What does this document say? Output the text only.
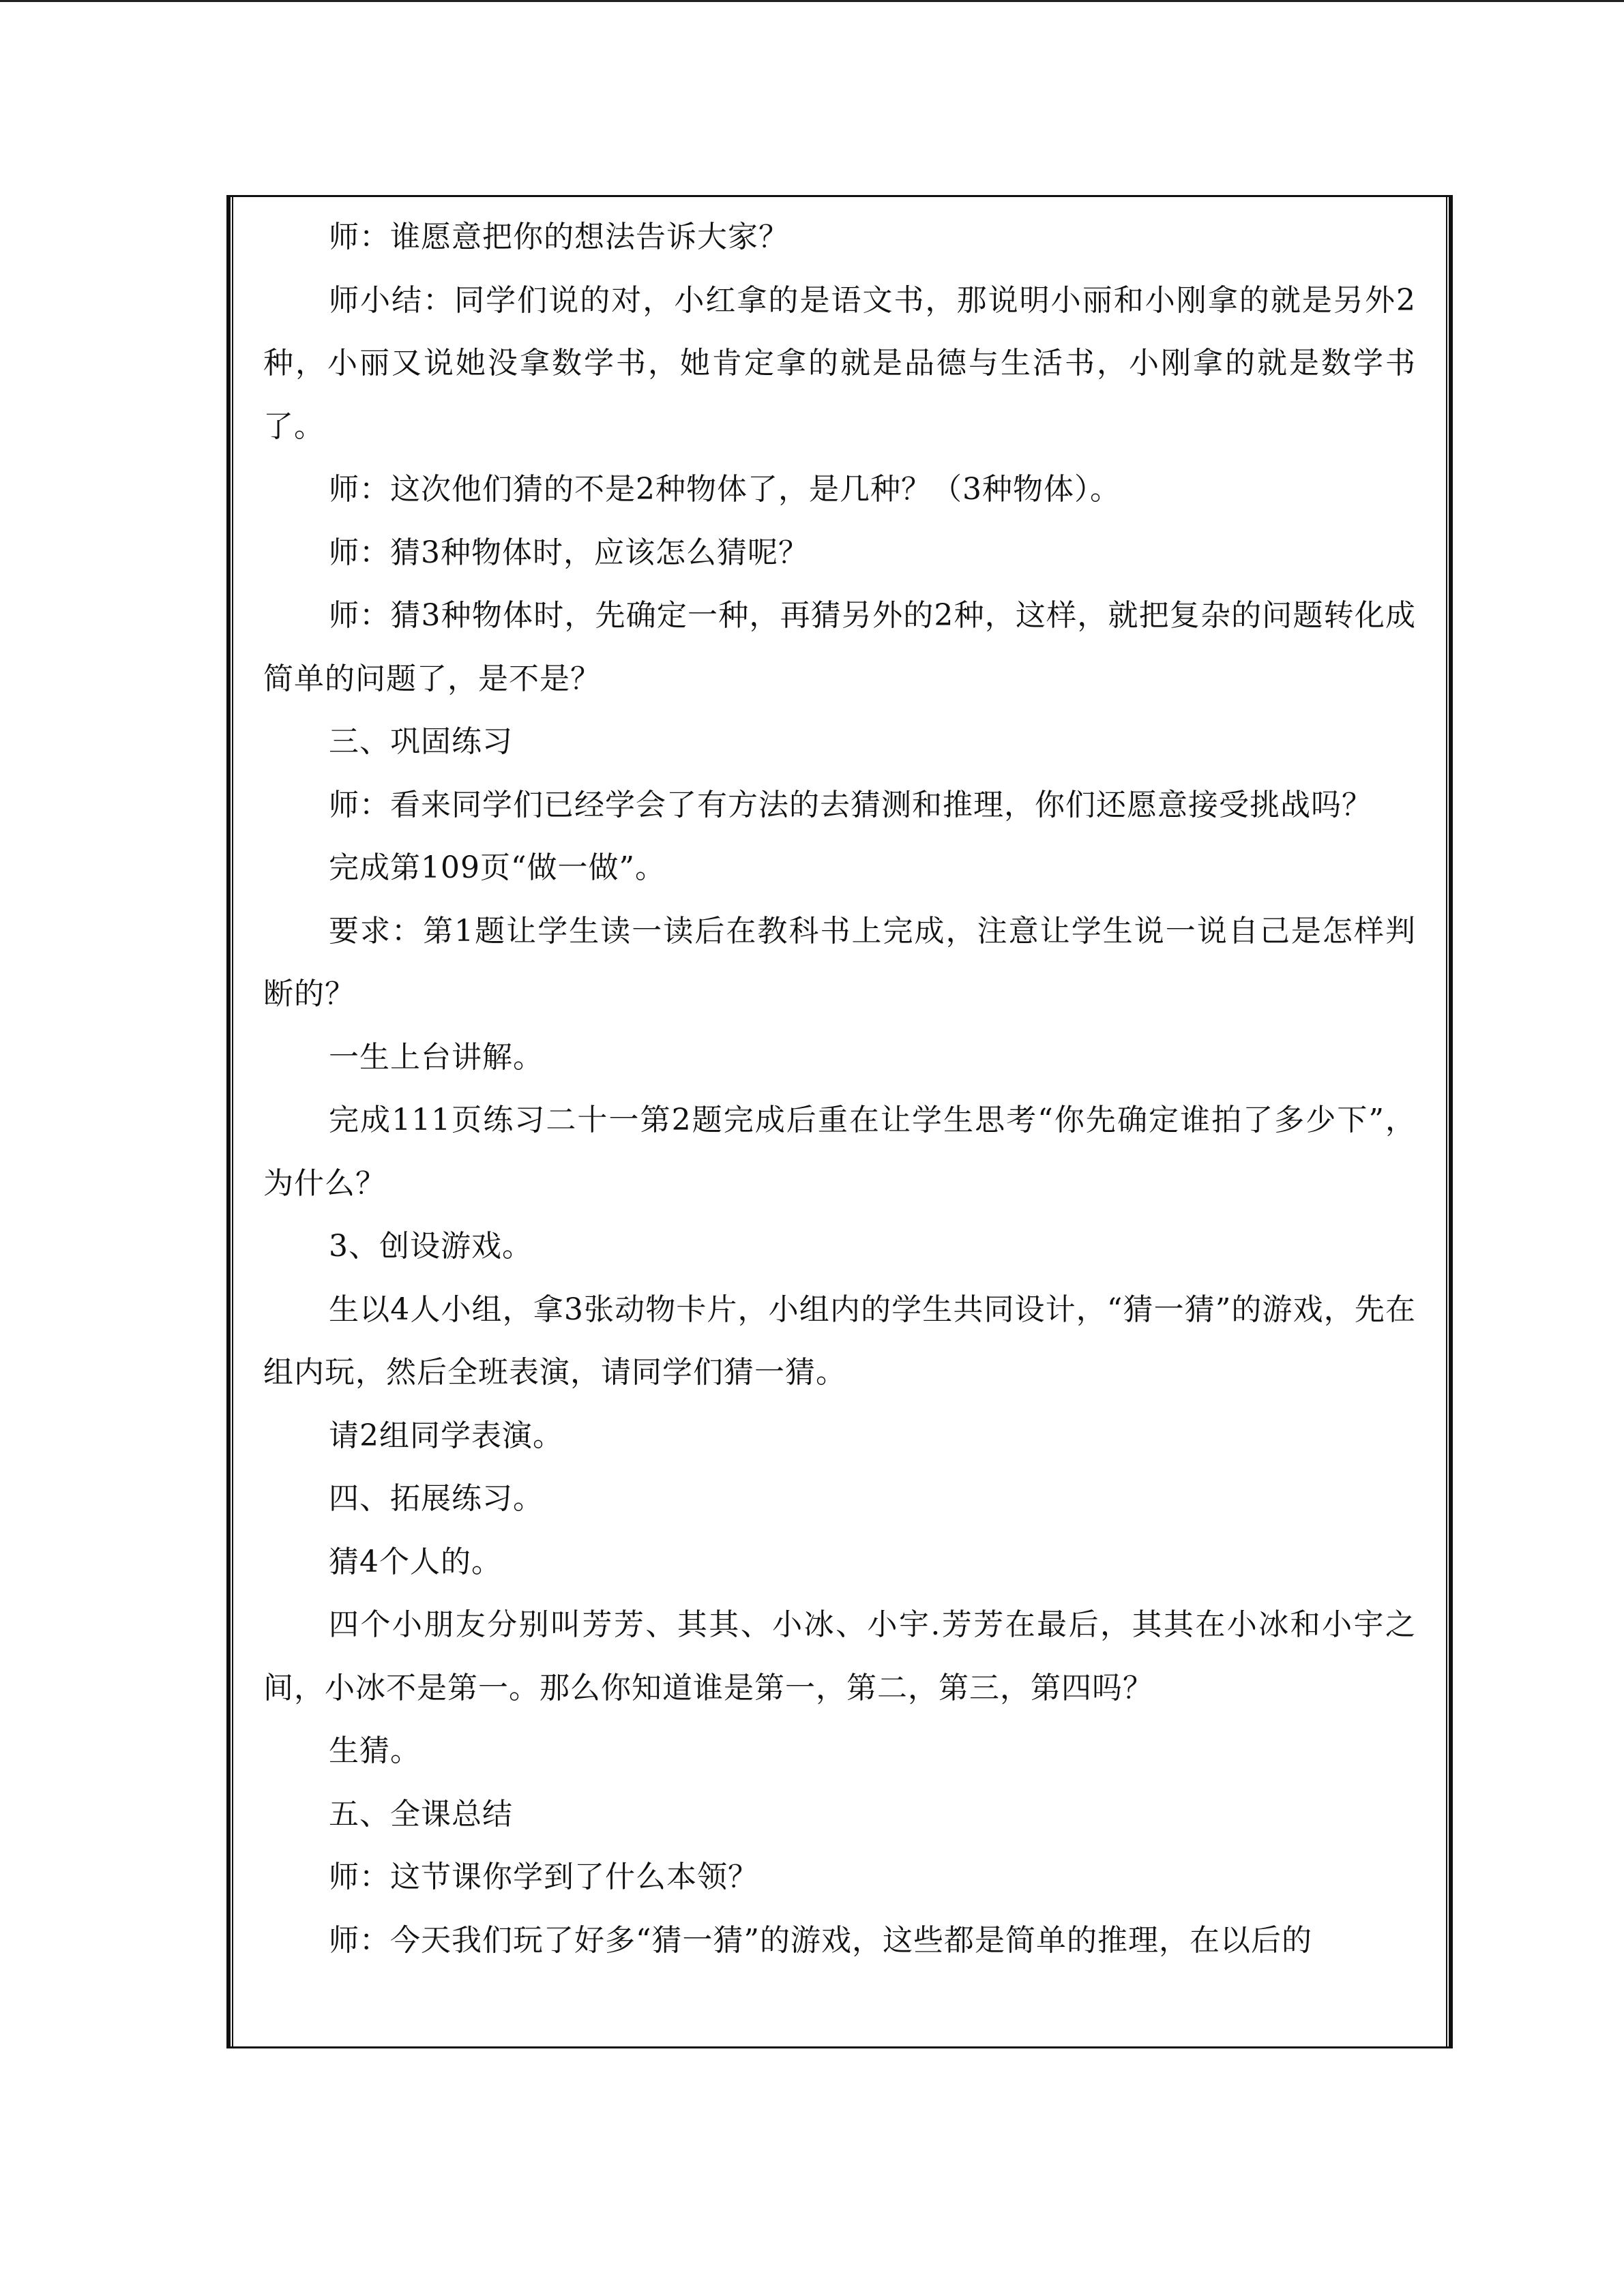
师：谁愿意把你的想法告诉大家？

师小结：同学们说的对，小红拿的是语文书，那说明小丽和小刚拿的就是另外2种，小丽又说她没拿数学书，她肯定拿的就是品德与生活书，小刚拿的就是数学书了。

师：这次他们猜的不是2种物体了，是几种？（3种物体）。

师：猜3种物体时，应该怎么猜呢？

师：猜3种物体时，先确定一种，再猜另外的2种，这样，就把复杂的问题转化成简单的问题了，是不是？

三、巩固练习

师：看来同学们已经学会了有方法的去猜测和推理，你们还愿意接受挑战吗？

完成第109页“做一做”。

要求：第1题让学生读一读后在教科书上完成，注意让学生说一说自己是怎样判断的？

一生上台讲解。

完成111页练习二十一第2题完成后重在让学生思考“你先确定谁拍了多少下”，为什么？

3、创设游戏。

生以4人小组，拿3张动物卡片，小组内的学生共同设计，“猜一猜”的游戏，先在组内玩，然后全班表演，请同学们猜一猜。

请2组同学表演。

四、拓展练习。

猜4个人的。

四个小朋友分别叫芳芳、其其、小冰、小宇.芳芳在最后，其其在小冰和小宇之间，小冰不是第一。那么你知道谁是第一，第二，第三，第四吗？

生猜。

五、全课总结

师：这节课你学到了什么本领？

师：今天我们玩了好多“猜一猜”的游戏，这些都是简单的推理，在以后的
